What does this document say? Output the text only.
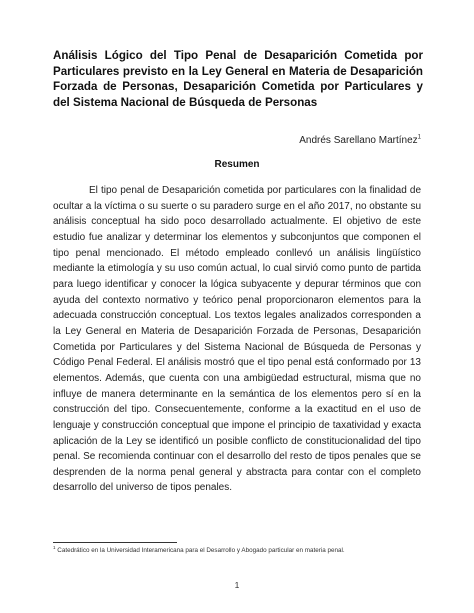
Análisis Lógico del Tipo Penal de Desaparición Cometida por Particulares previsto en la Ley General en Materia de Desaparición Forzada de Personas, Desaparición Cometida por Particulares y del Sistema Nacional de Búsqueda de Personas
Andrés Sarellano Martínez$^1$
Resumen
El tipo penal de Desaparición cometida por particulares con la finalidad de ocultar a la víctima o su suerte o su paradero surge en el año 2017, no obstante su análisis conceptual ha sido poco desarrollado actualmente. El objetivo de este estudio fue analizar y determinar los elementos y subconjuntos que componen el tipo penal mencionado. El método empleado conllevó un análisis lingüístico mediante la etimología y su uso común actual, lo cual sirvió como punto de partida para luego identificar y conocer la lógica subyacente y depurar términos que con ayuda del contexto normativo y teórico penal proporcionaron elementos para la adecuada construcción conceptual. Los textos legales analizados corresponden a la Ley General en Materia de Desaparición Forzada de Personas, Desaparición Cometida por Particulares y del Sistema Nacional de Búsqueda de Personas y Código Penal Federal. El análisis mostró que el tipo penal está conformado por 13 elementos. Además, que cuenta con una ambigüedad estructural, misma que no influye de manera determinante en la semántica de los elementos pero sí en la construcción del tipo. Consecuentemente, conforme a la exactitud en el uso de lenguaje y construcción conceptual que impone el principio de taxatividad y exacta aplicación de la Ley se identificó un posible conflicto de constitucionalidad del tipo penal. Se recomienda continuar con el desarrollo del resto de tipos penales que se desprenden de la norma penal general y abstracta para contar con el completo desarrollo del universo de tipos penales.
$^1$ Catedrático en la Universidad Interamericana para el Desarrollo y Abogado particular en materia penal.
1
